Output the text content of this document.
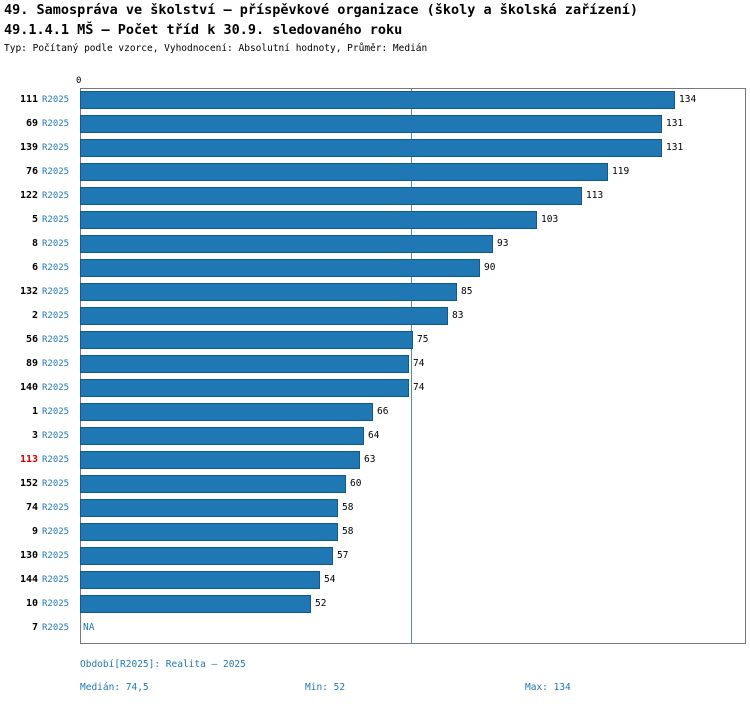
49. Samospráva ve školství – příspěvkové organizace (školy a školská zařízení)
49.1.4.1 MŠ – Počet tříd k 30.9. sledovaného roku
Typ: Počítaný podle vzorce, Vyhodnocení: Absolutní hodnoty, Průměr: Medián
0
134
131
131
119
113
103
93
90
85
83
75
74
74
66
64
63
60
58
58
57
54
52
NA
Období[R2025]: Realita – 2025
Medián: 74,5	Min: 52	Max: 134
111 R2025
69 R2025
139 R2025
76 R2025
122 R2025
5 R2025
8 R2025
6 R2025
132 R2025
2 R2025
56 R2025
89 R2025
140 R2025
1 R2025
3 R2025
113 R2025
152 R2025
74 R2025
9 R2025
130 R2025
144 R2025
10 R2025
7 R2025
